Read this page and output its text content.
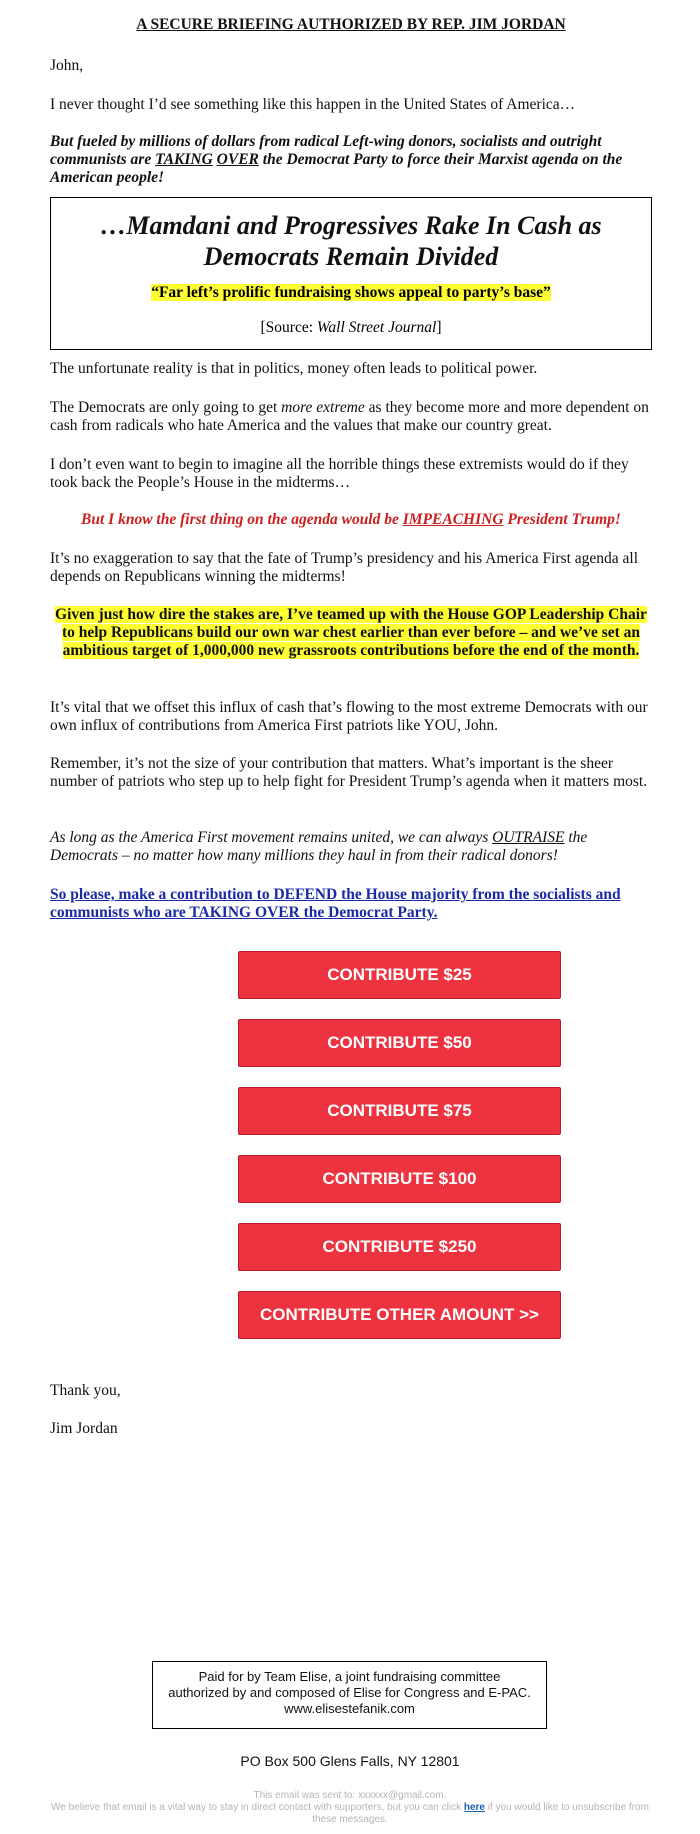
A SECURE BRIEFING AUTHORIZED BY REP. JIM JORDAN

John,

I never thought I’d see something like this happen in the United States of America…

But fueled by millions of dollars from radical Left-wing donors, socialists and outright communists are TAKING OVER the Democrat Party to force their Marxist agenda on the American people!

…Mamdani and Progressives Rake In Cash as Democrats Remain Divided
“Far left’s prolific fundraising shows appeal to party’s base”
[Source: Wall Street Journal]

The unfortunate reality is that in politics, money often leads to political power.

The Democrats are only going to get more extreme as they become more and more dependent on cash from radicals who hate America and the values that make our country great.

I don’t even want to begin to imagine all the horrible things these extremists would do if they took back the People’s House in the midterms…

But I know the first thing on the agenda would be IMPEACHING President Trump!

It’s no exaggeration to say that the fate of Trump’s presidency and his America First agenda all depends on Republicans winning the midterms!

Given just how dire the stakes are, I’ve teamed up with the House GOP Leadership Chair to help Republicans build our own war chest earlier than ever before – and we’ve set an ambitious target of 1,000,000 new grassroots contributions before the end of the month.

It’s vital that we offset this influx of cash that’s flowing to the most extreme Democrats with our own influx of contributions from America First patriots like YOU, John.

Remember, it’s not the size of your contribution that matters. What’s important is the sheer number of patriots who step up to help fight for President Trump’s agenda when it matters most.

As long as the America First movement remains united, we can always OUTRAISE the Democrats – no matter how many millions they haul in from their radical donors!

So please, make a contribution to DEFEND the House majority from the socialists and communists who are TAKING OVER the Democrat Party.

CONTRIBUTE $25
CONTRIBUTE $50
CONTRIBUTE $75
CONTRIBUTE $100
CONTRIBUTE $250
CONTRIBUTE OTHER AMOUNT >>

Thank you,

Jim Jordan

Paid for by Team Elise, a joint fundraising committee authorized by and composed of Elise for Congress and E-PAC. www.elisestefanik.com
PO Box 500 Glens Falls, NY 12801
This email was sent to: xxxxxx@gmail.com.
We believe that email is a vital way to stay in direct contact with supporters, but you can click here if you would like to unsubscribe from these messages.
